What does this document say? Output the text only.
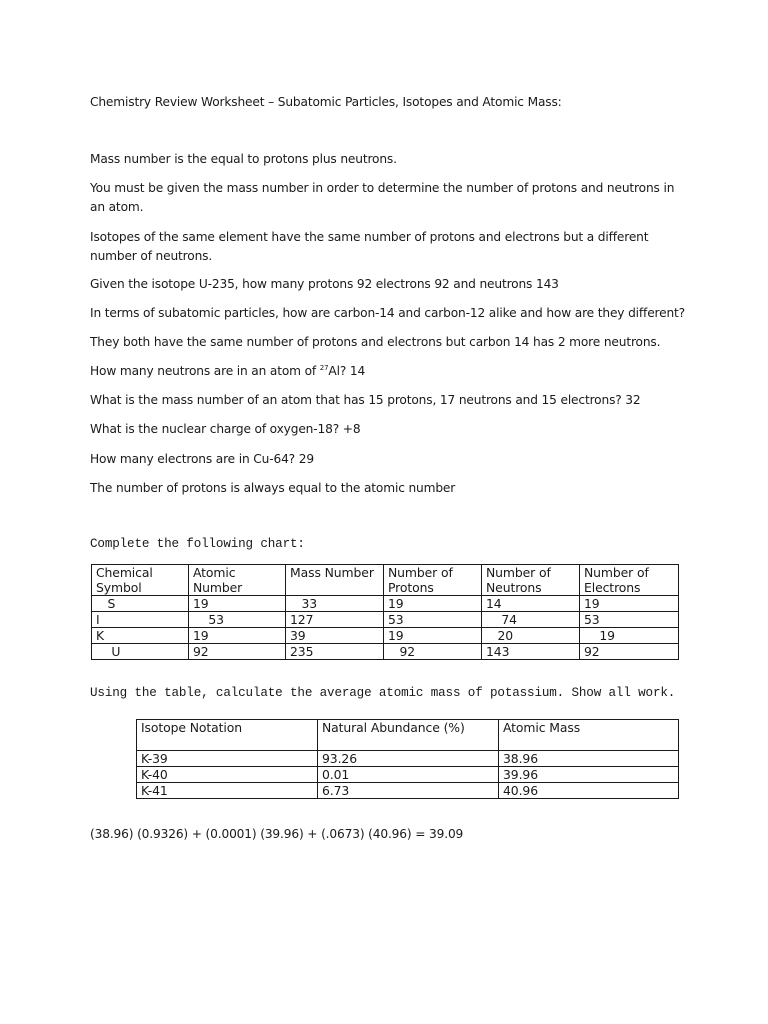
Chemistry Review Worksheet – Subatomic Particles, Isotopes and Atomic Mass:

Mass number is the equal to protons plus neutrons.

You must be given the mass number in order to determine the number of protons and neutrons in an atom.

Isotopes of the same element have the same number of protons and electrons but a different number of neutrons.

Given the isotope U-235, how many protons 92 electrons 92 and neutrons 143

In terms of subatomic particles, how are carbon-14 and carbon-12 alike and how are they different?

They both have the same number of protons and electrons but carbon 14 has 2 more neutrons.

How many neutrons are in an atom of $^{27}$Al? 14

What is the mass number of an atom that has 15 protons, 17 neutrons and 15 electrons? 32

What is the nuclear charge of oxygen-18? +8

How many electrons are in Cu-64? 29

The number of protons is always equal to the atomic number

Complete the following chart:

Chemical Symbol	Atomic Number	Mass Number	Number of Protons	Number of Neutrons	Number of Electrons
S	19	33	19	14	19
I	53	127	53	74	53
K	19	39	19	20	19
U	92	235	92	143	92

Using the table, calculate the average atomic mass of potassium. Show all work.

Isotope Notation	Natural Abundance (%)	Atomic Mass
K-39	93.26	38.96
K-40	0.01	39.96
K-41	6.73	40.96

(38.96) (0.9326) + (0.0001) (39.96) + (.0673) (40.96) = 39.09
